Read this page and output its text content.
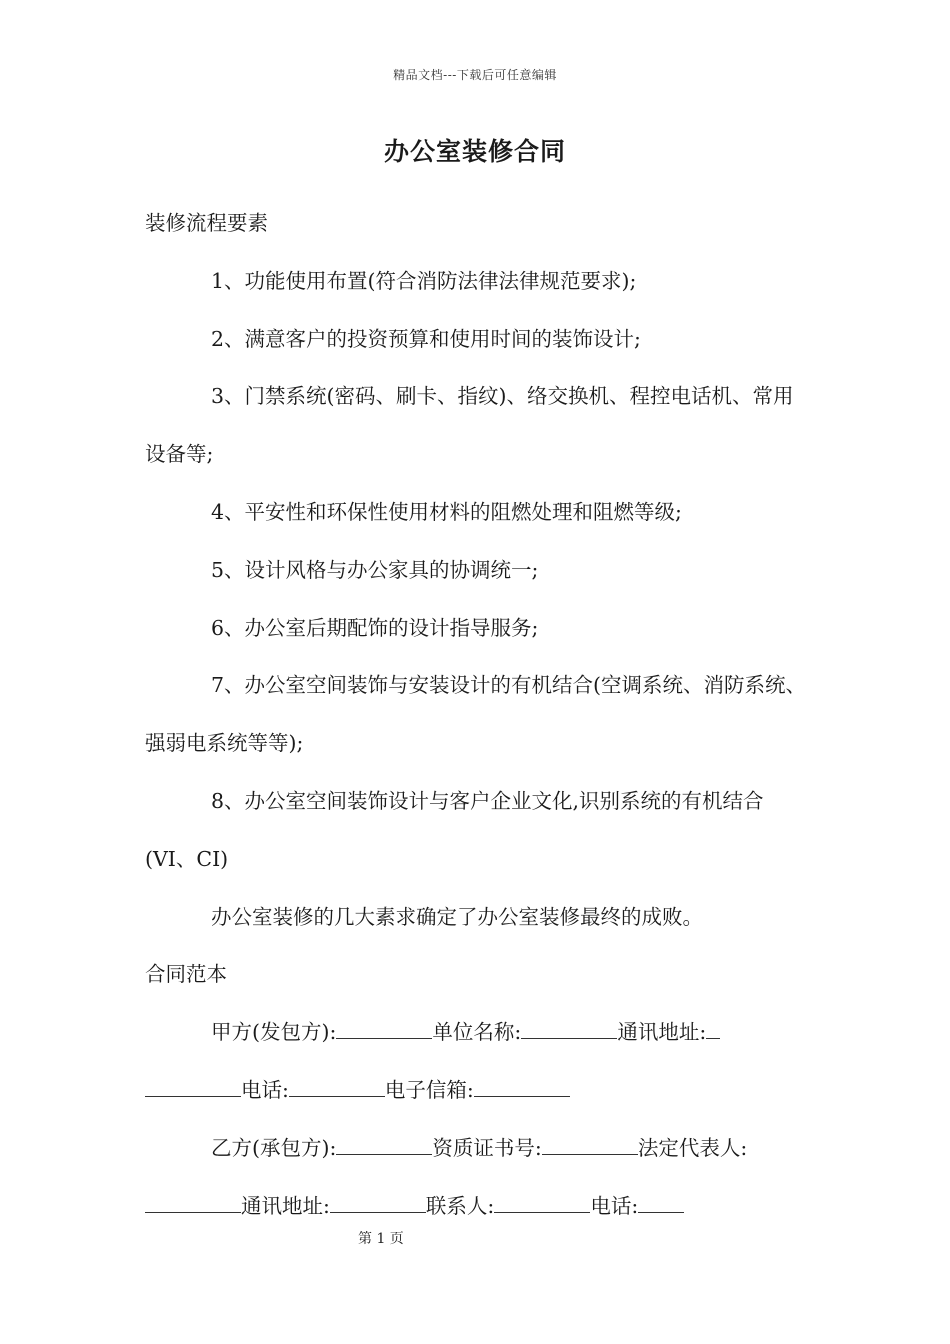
精品文档---下载后可任意编辑
办公室装修合同

装修流程要素

1、功能使用布置(符合消防法律法律规范要求);

2、满意客户的投资预算和使用时间的装饰设计;

3、门禁系统(密码、刷卡、指纹)、络交换机、程控电话机、常用设备等;

4、平安性和环保性使用材料的阻燃处理和阻燃等级;

5、设计风格与办公家具的协调统一;

6、办公室后期配饰的设计指导服务;

7、办公室空间装饰与安装设计的有机结合(空调系统、消防系统、强弱电系统等等);

8、办公室空间装饰设计与客户企业文化,识别系统的有机结合(VI、CI)

办公室装修的几大素求确定了办公室装修最终的成败。

合同范本

甲方(发包方):	单位名称:	通讯地址:电话:	电子信箱:

乙方(承包方):	资质证书号:	法定代表人:通讯地址:	联系人:	电话:

第 1 页
